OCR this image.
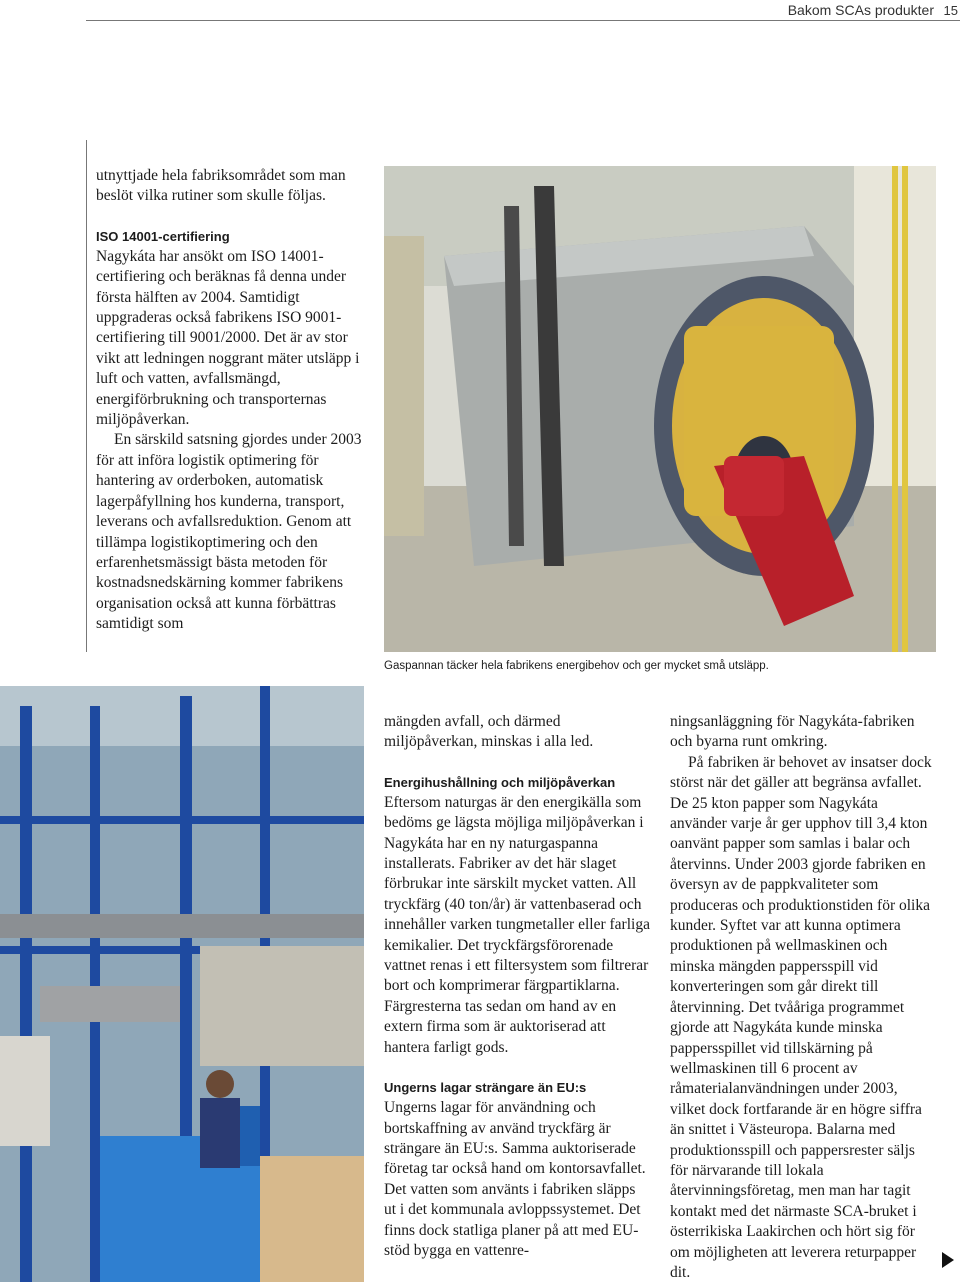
Bakom SCAs produkter 15

utnyttjade hela fabriksområdet som man beslöt vilka rutiner som skulle följas.

ISO 14001-certifiering

Nagykáta har ansökt om ISO 14001-certifiering och beräknas få denna under första hälften av 2004. Samtidigt uppgraderas också fabrikens ISO 9001-certifiering till 9001/2000. Det är av stor vikt att ledningen noggrant mäter utsläpp i luft och vatten, avfallsmängd, energiförbrukning och transporternas miljöpåverkan.

En särskild satsning gjordes under 2003 för att införa logistik optimering för hantering av orderboken, automatisk lagerpåfyllning hos kunderna, transport, leverans och avfallsreduktion. Genom att tillämpa logistikoptimering och den erfarenhetsmässigt bästa metoden för kostnadsnedskärning kommer fabrikens organisation också att kunna förbättras samtidigt som

Gaspannan täcker hela fabrikens energibehov och ger mycket små utsläpp.

mängden avfall, och därmed miljöpåverkan, minskas i alla led.

Energihushållning och miljöpåverkan

Eftersom naturgas är den energikälla som bedöms ge lägsta möjliga miljöpåverkan i Nagykáta har en ny naturgaspanna installerats. Fabriker av det här slaget förbrukar inte särskilt mycket vatten. All tryckfärg (40 ton/år) är vattenbaserad och innehåller varken tungmetaller eller farliga kemikalier. Det tryckfärgsförorenade vattnet renas i ett filtersystem som filtrerar bort och komprimerar färgpartiklarna. Färgresterna tas sedan om hand av en extern firma som är auktoriserad att hantera farligt gods.

Ungerns lagar strängare än EU:s

Ungerns lagar för användning och bortskaffning av använd tryckfärg är strängare än EU:s. Samma auktoriserade företag tar också hand om kontorsavfallet. Det vatten som använts i fabriken släpps ut i det kommunala avloppssystemet. Det finns dock statliga planer på att med EU-stöd bygga en vattenre-

ningsanläggning för Nagykáta-fabriken och byarna runt omkring.

På fabriken är behovet av insatser dock störst när det gäller att begränsa avfallet. De 25 kton papper som Nagykáta använder varje år ger upphov till 3,4 kton oanvänt papper som samlas i balar och återvinns. Under 2003 gjorde fabriken en översyn av de pappkvaliteter som produceras och produktionstiden för olika kunder. Syftet var att kunna optimera produktionen på wellmaskinen och minska mängden pappersspill vid konverteringen som går direkt till återvinning. Det tvååriga programmet gjorde att Nagykáta kunde minska pappersspillet vid tillskärning på wellmaskinen till 6 procent av råmaterialanvändningen under 2003, vilket dock fortfarande är en högre siffra än snittet i Västeuropa. Balarna med produktionsspill och pappersrester säljs för närvarande till lokala återvinningsföretag, men man har tagit kontakt med det närmaste SCA-bruket i österrikiska Laakirchen och hört sig för om möjligheten att leverera returpapper dit.
